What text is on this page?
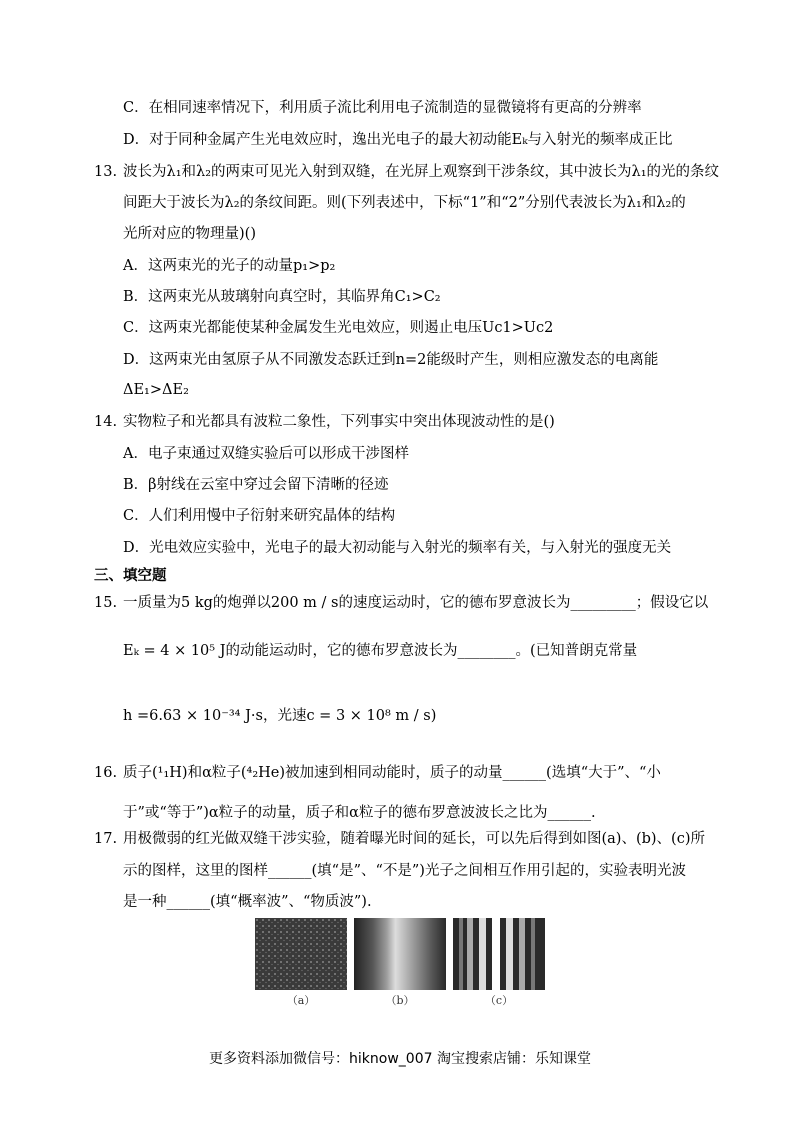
C．在相同速率情况下，利用质子流比利用电子流制造的显微镜将有更高的分辨率
D．对于同种金属产生光电效应时，逸出光电子的最大初动能Eₖ与入射光的频率成正比
13. 波长为λ₁和λ₂的两束可见光入射到双缝，在光屏上观察到干涉条纹，其中波长为λ₁的光的条纹
间距大于波长为λ₂的条纹间距。则(下列表述中，下标“1”和“2”分别代表波长为λ₁和λ₂的
光所对应的物理量)()
A．这两束光的光子的动量p₁>p₂
B．这两束光从玻璃射向真空时，其临界角C₁>C₂
C．这两束光都能使某种金属发生光电效应，则遏止电压Uc1>Uc2
D．这两束光由氢原子从不同激发态跃迁到n=2能级时产生，则相应激发态的电离能
ΔE₁>ΔE₂
14. 实物粒子和光都具有波粒二象性，下列事实中突出体现波动性的是()
A．电子束通过双缝实验后可以形成干涉图样
B．β射线在云室中穿过会留下清晰的径迹
C．人们利用慢中子衍射来研究晶体的结构
D．光电效应实验中，光电子的最大初动能与入射光的频率有关，与入射光的强度无关
三、填空题
15. 一质量为5 kg的炮弹以200 m / s的速度运动时，它的德布罗意波长为_________；假设它以
Eₖ = 4 × 10⁵ J的动能运动时，它的德布罗意波长为________。(已知普朗克常量
h =6.63 × 10⁻³⁴ J·s，光速c = 3 × 10⁸ m / s)
16. 质子(¹₁H)和α粒子(⁴₂He)被加速到相同动能时，质子的动量______(选填“大于”、“小
于”或“等于”)α粒子的动量，质子和α粒子的德布罗意波波长之比为______.
17. 用极微弱的红光做双缝干涉实验，随着曝光时间的延长，可以先后得到如图(a)、(b)、(c)所
示的图样，这里的图样______(填“是”、“不是”)光子之间相互作用引起的，实验表明光波
是一种______(填“概率波”、“物质波”).
（a）	（b）	（c）
更多资料添加微信号：hiknow_007 淘宝搜索店铺：乐知课堂
